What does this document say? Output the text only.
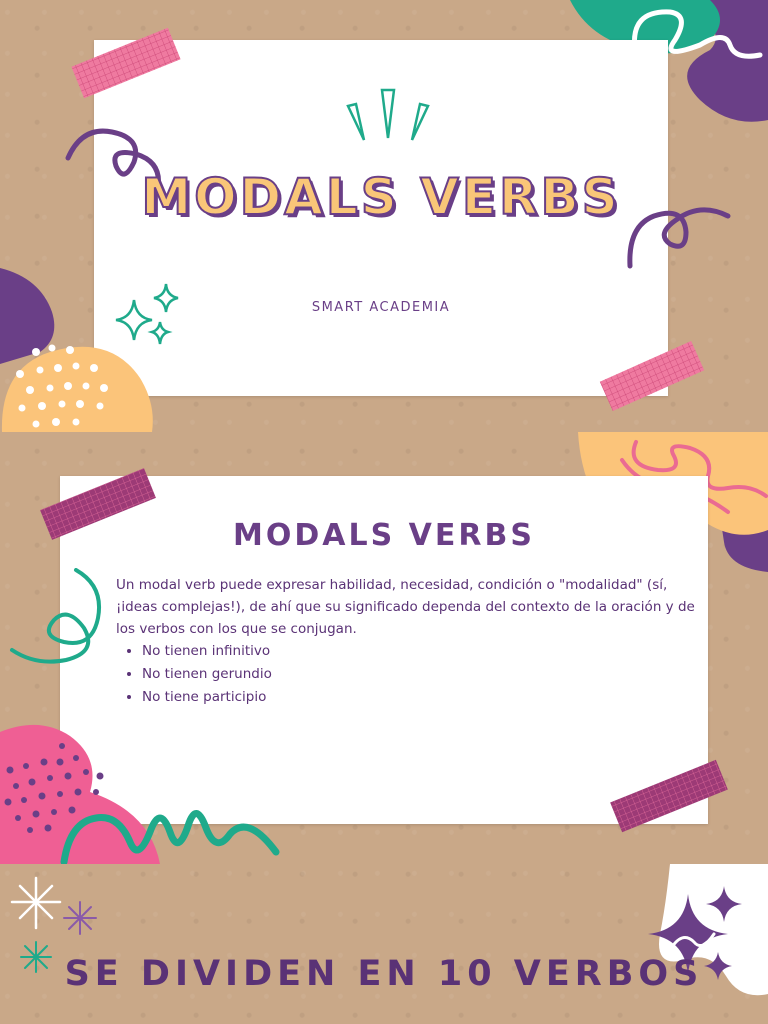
MODALS VERBS

SMART ACADEMIA

MODALS VERBS

Un modal verb puede expresar habilidad, necesidad, condición o "modalidad" (sí, ¡ideas complejas!), de ahí que su significado dependa del contexto de la oración y de los verbos con los que se conjugan.

• No tienen infinitivo
• No tienen gerundio
• No tiene participio
SE DIVIDEN EN 10 VERBOS
